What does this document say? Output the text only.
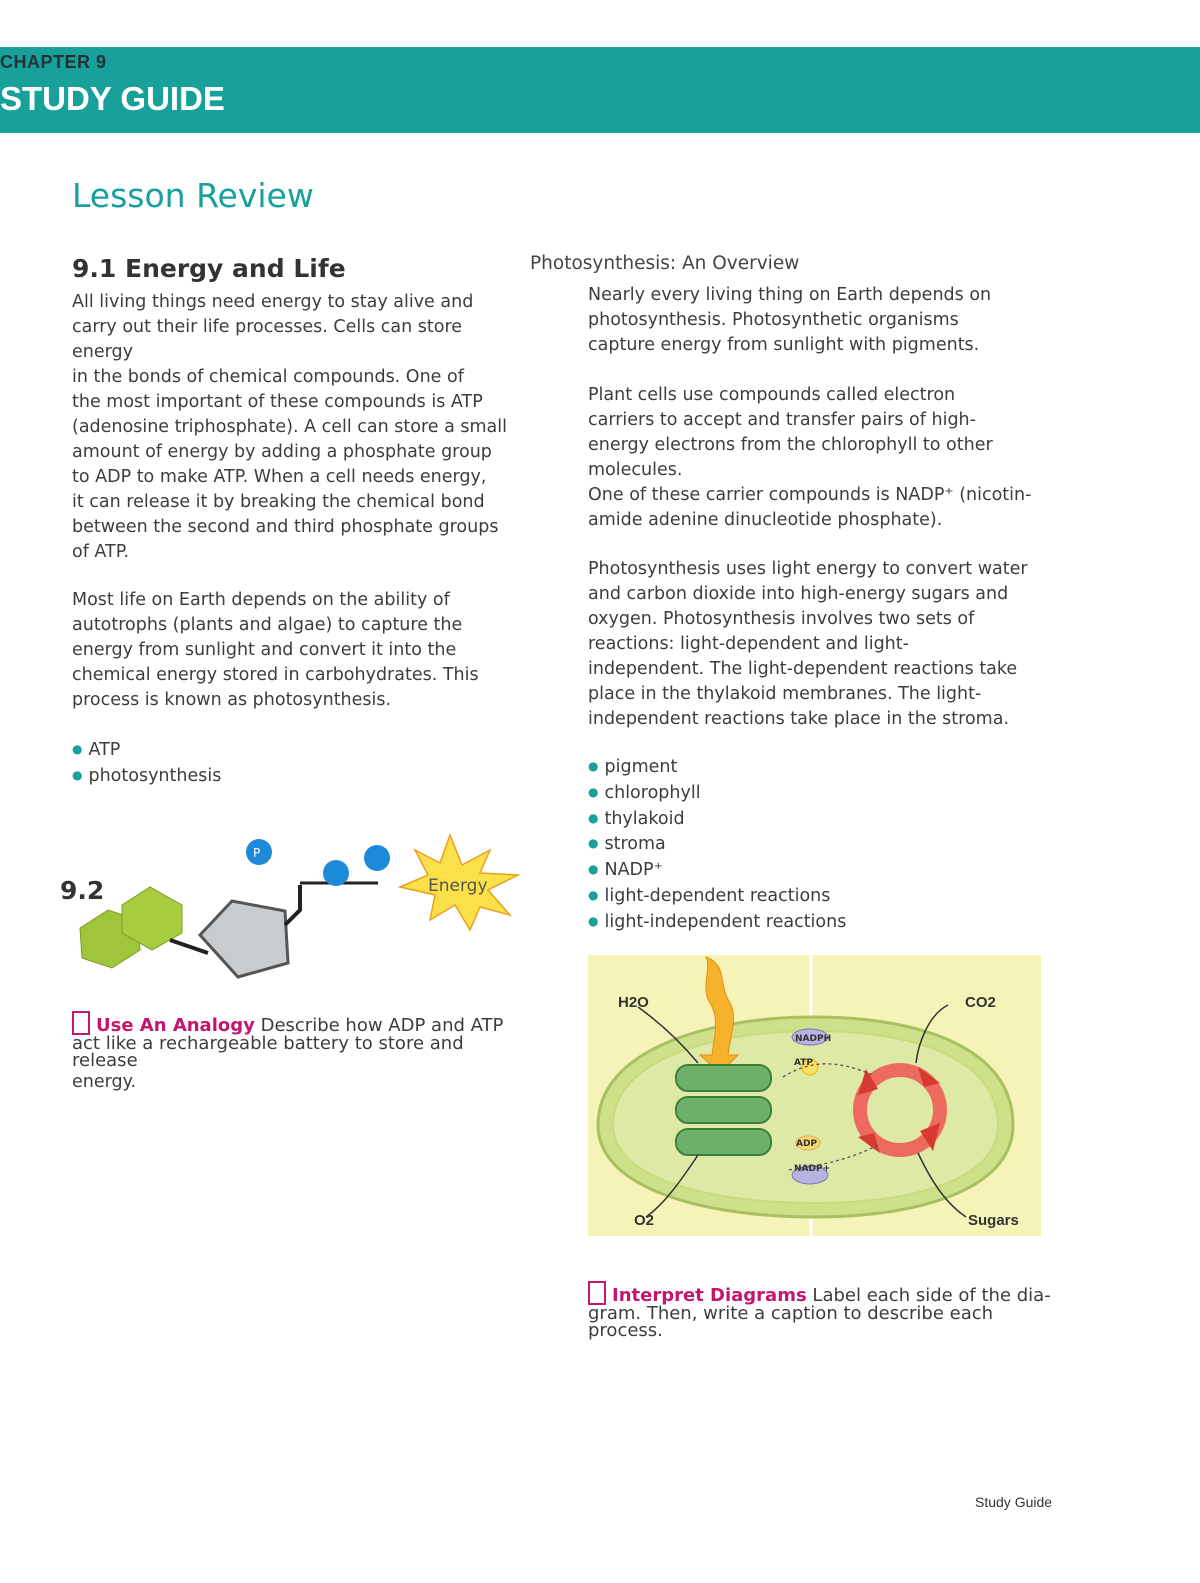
CHAPTER 9
STUDY GUIDE
Lesson Review
9.1 Energy and Life
All living things need energy to stay alive and
carry out their life processes. Cells can store
energy
in the bonds of chemical compounds. One of
the most important of these compounds is ATP
(adenosine triphosphate). A cell can store a small
amount of energy by adding a phosphate group
to ADP to make ATP. When a cell needs energy,
it can release it by breaking the chemical bond
between the second and third phosphate groups
of ATP.
Most life on Earth depends on the ability of
autotrophs (plants and algae) to capture the
energy from sunlight and convert it into the
chemical energy stored in carbohydrates. This
process is known as photosynthesis.
● ATP
● photosynthesis
Energy
P
9.2
Use An Analogy Describe how ADP and ATP
act like a rechargeable battery to store and
release
energy.
Photosynthesis: An Overview
Nearly every living thing on Earth depends on
photosynthesis. Photosynthetic organisms
capture energy from sunlight with pigments.
Plant cells use compounds called electron
carriers to accept and transfer pairs of high-
energy electrons from the chlorophyll to other
molecules.
One of these carrier compounds is NADP⁺ (nicotin-
amide adenine dinucleotide phosphate).
Photosynthesis uses light energy to convert water
and carbon dioxide into high-energy sugars and
oxygen. Photosynthesis involves two sets of
reactions: light-dependent and light-
independent. The light-dependent reactions take
place in the thylakoid membranes. The light-
independent reactions take place in the stroma.
● pigment
● chlorophyll
● thylakoid
● stroma
● NADP⁺
● light-dependent reactions
● light-independent reactions
NADPH
ATP
ADP
NADP+
H2O	CO2
O2	Sugars
Interpret Diagrams Label each side of the dia-
gram. Then, write a caption to describe each
process.
Study Guide
